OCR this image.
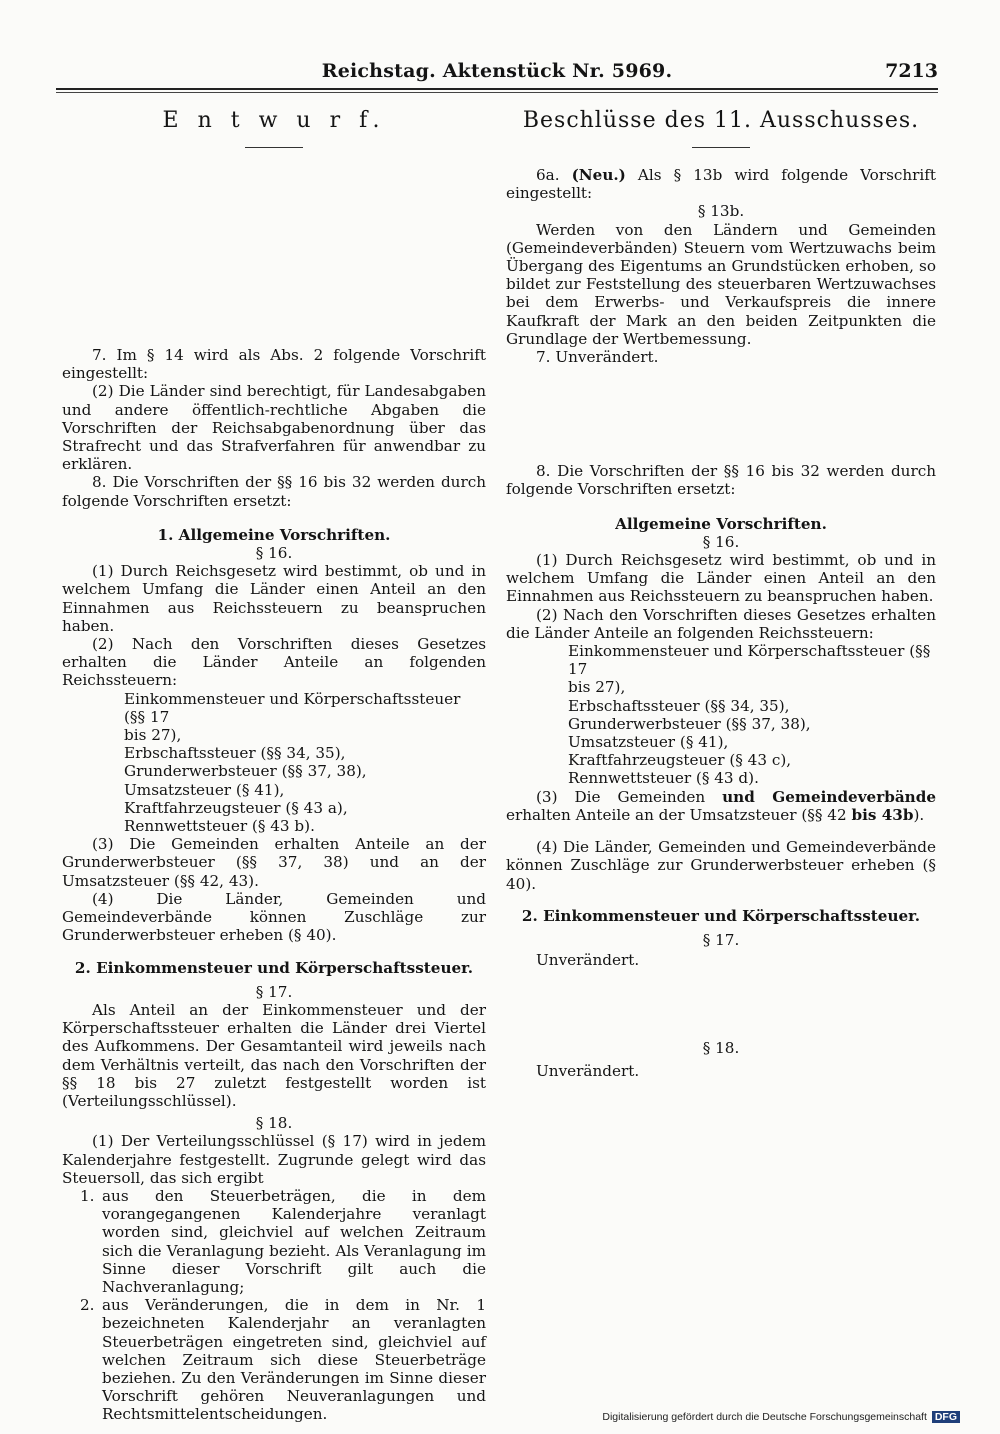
Reichstag. Aktenstück Nr. 5969.	7213
E n t w u r f.

7. Im § 14 wird als Abs. 2 folgende Vorschrift eingestellt:

(2) Die Länder sind berechtigt, für Landesabgaben und andere öffentlich-rechtliche Abgaben die Vorschriften der Reichsabgabenordnung über das Strafrecht und das Strafverfahren für anwendbar zu erklären.

8. Die Vorschriften der §§ 16 bis 32 werden durch folgende Vorschriften ersetzt:

1. Allgemeine Vorschriften.

§ 16.

(1) Durch Reichsgesetz wird bestimmt, ob und in welchem Umfang die Länder einen Anteil an den Einnahmen aus Reichssteuern zu beanspruchen haben.

(2) Nach den Vorschriften dieses Gesetzes erhalten die Länder Anteile an folgenden Reichssteuern:

Einkommensteuer und Körperschaftssteuer (§§ 17
bis 27),
Erbschaftssteuer (§§ 34, 35),
Grunderwerbsteuer (§§ 37, 38),
Umsatzsteuer (§ 41),
Kraftfahrzeugsteuer (§ 43 a),
Rennwettsteuer (§ 43 b).

(3) Die Gemeinden erhalten Anteile an der Grunderwerbsteuer (§§ 37, 38) und an der Umsatzsteuer (§§ 42, 43).

(4) Die Länder, Gemeinden und Gemeindeverbände können Zuschläge zur Grunderwerbsteuer erheben (§ 40).

2. Einkommensteuer und Körperschaftssteuer.

§ 17.

Als Anteil an der Einkommensteuer und der Körperschaftssteuer erhalten die Länder drei Viertel des Aufkommens. Der Gesamtanteil wird jeweils nach dem Verhältnis verteilt, das nach den Vorschriften der §§ 18 bis 27 zuletzt festgestellt worden ist (Verteilungsschlüssel).

§ 18.

(1) Der Verteilungsschlüssel (§ 17) wird in jedem Kalenderjahre festgestellt. Zugrunde gelegt wird das Steuersoll, das sich ergibt

1. aus den Steuerbeträgen, die in dem vorangegangenen Kalenderjahre veranlagt worden sind, gleichviel auf welchen Zeitraum sich die Veranlagung bezieht. Als Veranlagung im Sinne dieser Vorschrift gilt auch die Nachveranlagung;
2. aus Veränderungen, die in dem in Nr. 1 bezeichneten Kalenderjahr an veranlagten Steuerbeträgen eingetreten sind, gleichviel auf welchen Zeitraum sich diese Steuerbeträge beziehen. Zu den Veränderungen im Sinne dieser Vorschrift gehören Neuveranlagungen und Rechtsmittelentscheidungen.
Beschlüsse des 11. Ausschusses.

6a. (Neu.) Als § 13b wird folgende Vorschrift eingestellt:

§ 13b.

Werden von den Ländern und Gemeinden (Gemeindeverbänden) Steuern vom Wertzuwachs beim Übergang des Eigentums an Grundstücken erhoben, so bildet zur Feststellung des steuerbaren Wertzuwachses bei dem Erwerbs- und Verkaufspreis die innere Kaufkraft der Mark an den beiden Zeitpunkten die Grundlage der Wertbemessung.

7. Unverändert.

8. Die Vorschriften der §§ 16 bis 32 werden durch folgende Vorschriften ersetzt:

Allgemeine Vorschriften.

§ 16.

(1) Durch Reichsgesetz wird bestimmt, ob und in welchem Umfang die Länder einen Anteil an den Einnahmen aus Reichssteuern zu beanspruchen haben.

(2) Nach den Vorschriften dieses Gesetzes erhalten die Länder Anteile an folgenden Reichssteuern:

Einkommensteuer und Körperschaftssteuer (§§ 17
bis 27),
Erbschaftssteuer (§§ 34, 35),
Grunderwerbsteuer (§§ 37, 38),
Umsatzsteuer (§ 41),
Kraftfahrzeugsteuer (§ 43 c),
Rennwettsteuer (§ 43 d).

(3) Die Gemeinden und Gemeindeverbände erhalten Anteile an der Umsatzsteuer (§§ 42 bis 43b).

(4) Die Länder, Gemeinden und Gemeindeverbände können Zuschläge zur Grunderwerbsteuer erheben (§ 40).

2. Einkommensteuer und Körperschaftssteuer.

§ 17.

Unverändert.

§ 18.

Unverändert.

Digitalisierung gefördert durch die Deutsche Forschungsgemeinschaft DFG
